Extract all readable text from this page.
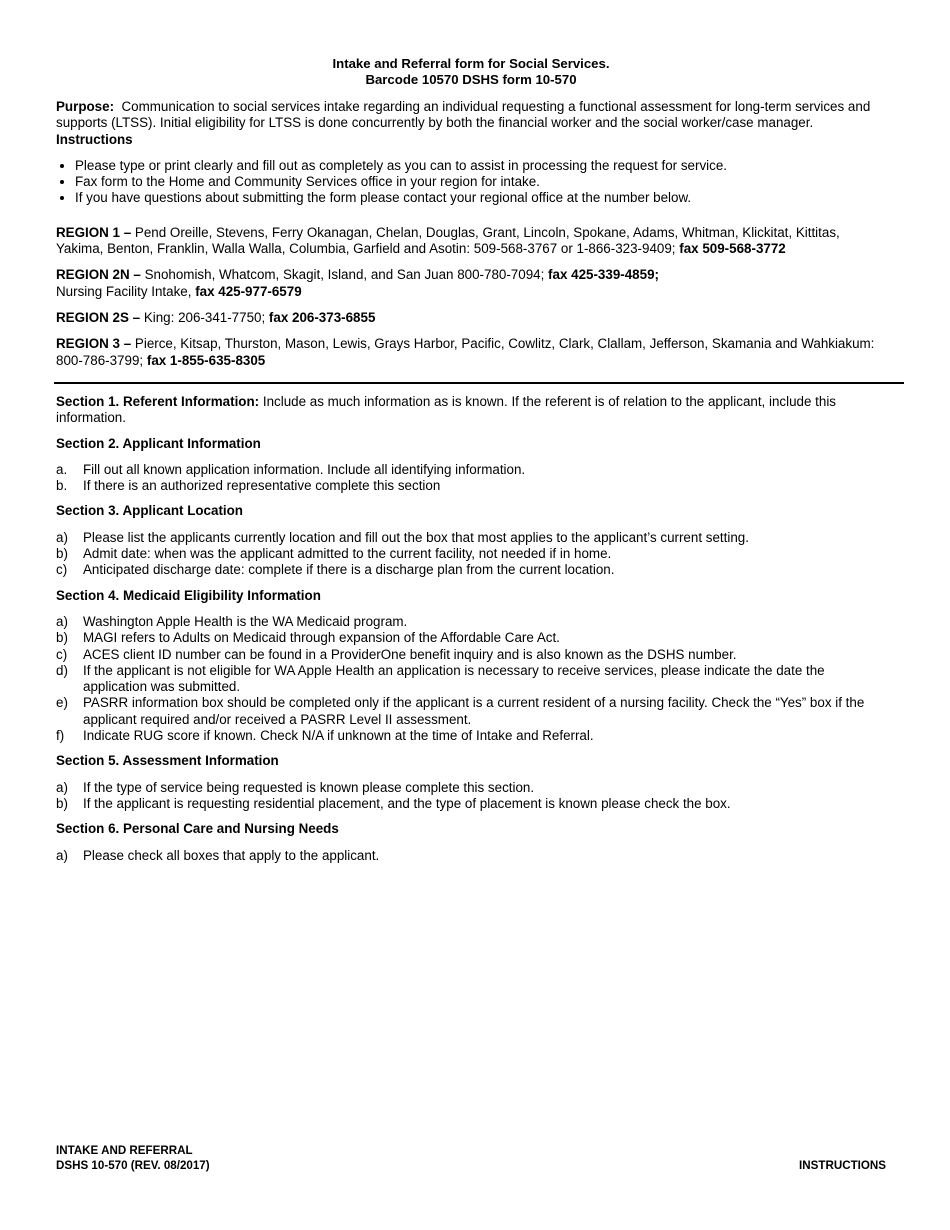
Intake and Referral form for Social Services.

Barcode 10570 DSHS form 10-570

Purpose: Communication to social services intake regarding an individual requesting a functional assessment for long-term services and supports (LTSS). Initial eligibility for LTSS is done concurrently by both the financial worker and the social worker/case manager.

Instructions

• Please type or print clearly and fill out as completely as you can to assist in processing the request for service.
• Fax form to the Home and Community Services office in your region for intake.
• If you have questions about submitting the form please contact your regional office at the number below.

REGION 1 – Pend Oreille, Stevens, Ferry Okanagan, Chelan, Douglas, Grant, Lincoln, Spokane, Adams, Whitman, Klickitat, Kittitas, Yakima, Benton, Franklin, Walla Walla, Columbia, Garfield and Asotin: 509-568-3767 or 1-866-323-9409; fax 509-568-3772

REGION 2N – Snohomish, Whatcom, Skagit, Island, and San Juan 800-780-7094; fax 425-339-4859;

Nursing Facility Intake, fax 425-977-6579

REGION 2S – King: 206-341-7750; fax 206-373-6855

REGION 3 – Pierce, Kitsap, Thurston, Mason, Lewis, Grays Harbor, Pacific, Cowlitz, Clark, Clallam, Jefferson, Skamania and Wahkiakum: 800-786-3799; fax 1-855-635-8305

Section 1. Referent Information: Include as much information as is known. If the referent is of relation to the applicant, include this information.

Section 2. Applicant Information

a.	Fill out all known application information. Include all identifying information.
b.	If there is an authorized representative complete this section

Section 3. Applicant Location

a)	Please list the applicants currently location and fill out the box that most applies to the applicant’s current setting.
b)	Admit date: when was the applicant admitted to the current facility, not needed if in home.
c)	Anticipated discharge date: complete if there is a discharge plan from the current location.

Section 4. Medicaid Eligibility Information

a)	Washington Apple Health is the WA Medicaid program.
b)	MAGI refers to Adults on Medicaid through expansion of the Affordable Care Act.
c)	ACES client ID number can be found in a ProviderOne benefit inquiry and is also known as the DSHS number.
d)	If the applicant is not eligible for WA Apple Health an application is necessary to receive services, please indicate the date the application was submitted.
e)	PASRR information box should be completed only if the applicant is a current resident of a nursing facility. Check the “Yes” box if the applicant required and/or received a PASRR Level II assessment.
f)	Indicate RUG score if known. Check N/A if unknown at the time of Intake and Referral.

Section 5. Assessment Information

a)	If the type of service being requested is known please complete this section.
b)	If the applicant is requesting residential placement, and the type of placement is known please check the box.

Section 6. Personal Care and Nursing Needs

a)	Please check all boxes that apply to the applicant.
INTAKE AND REFERRAL
DSHS 10-570 (REV. 08/2017)	INSTRUCTIONS
